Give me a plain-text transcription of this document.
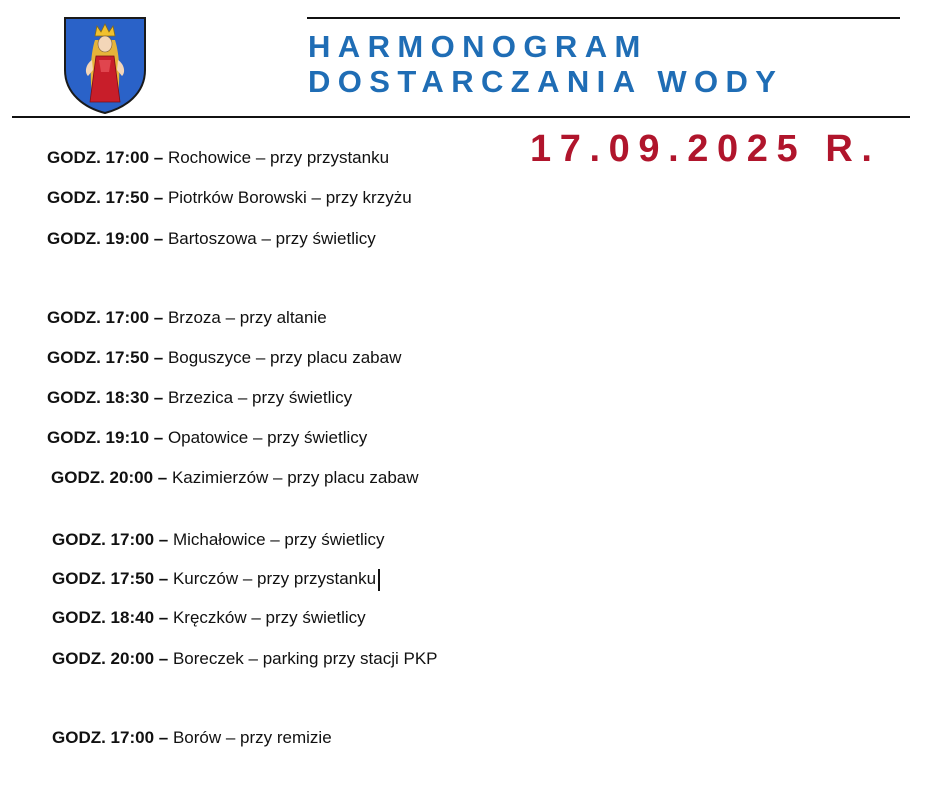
HARMONOGRAM
DOSTARCZANIA WODY
17.09.2025 R.
GODZ. 17:00 – Rochowice – przy przystanku
GODZ. 17:50 – Piotrków Borowski – przy krzyżu
GODZ. 19:00 – Bartoszowa – przy świetlicy
GODZ. 17:00 – Brzoza – przy altanie
GODZ. 17:50 – Boguszyce – przy placu zabaw
GODZ. 18:30 – Brzezica – przy świetlicy
GODZ. 19:10 – Opatowice – przy świetlicy
GODZ. 20:00 – Kazimierzów – przy placu zabaw
GODZ. 17:00 – Michałowice – przy świetlicy
GODZ. 17:50 – Kurczów – przy przystanku
GODZ. 18:40 – Kręczków – przy świetlicy
GODZ. 20:00 – Boreczek – parking przy stacji PKP
GODZ. 17:00 – Borów – przy remizie
